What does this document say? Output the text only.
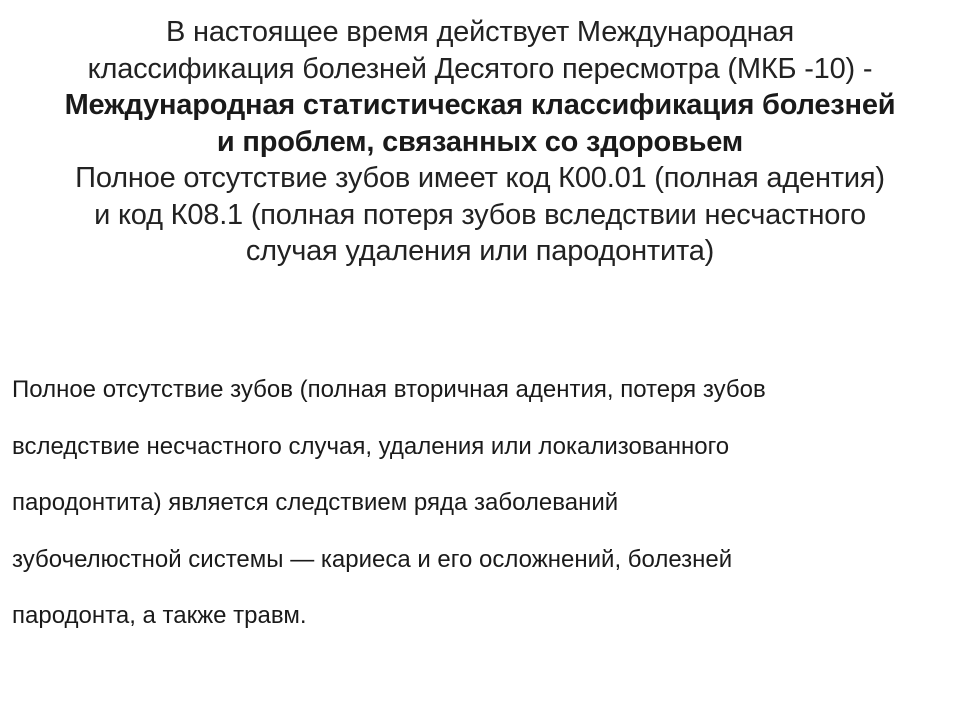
В настоящее время действует Международная
классификация болезней Десятого пересмотра (МКБ -10) -
Международная статистическая классификация болезней
и проблем, связанных со здоровьем
Полное отсутствие зубов имеет код К00.01 (полная адентия)
и код К08.1 (полная потеря зубов вследствии несчастного
случая удаления или пародонтита)
Полное отсутствие зубов (полная вторичная адентия, потеря зубов
вследствие несчастного случая, удаления или локализованного
пародонтита) является следствием ряда заболеваний
зубочелюстной системы — кариеса и его осложнений, болезней
пародонта, а также травм.
